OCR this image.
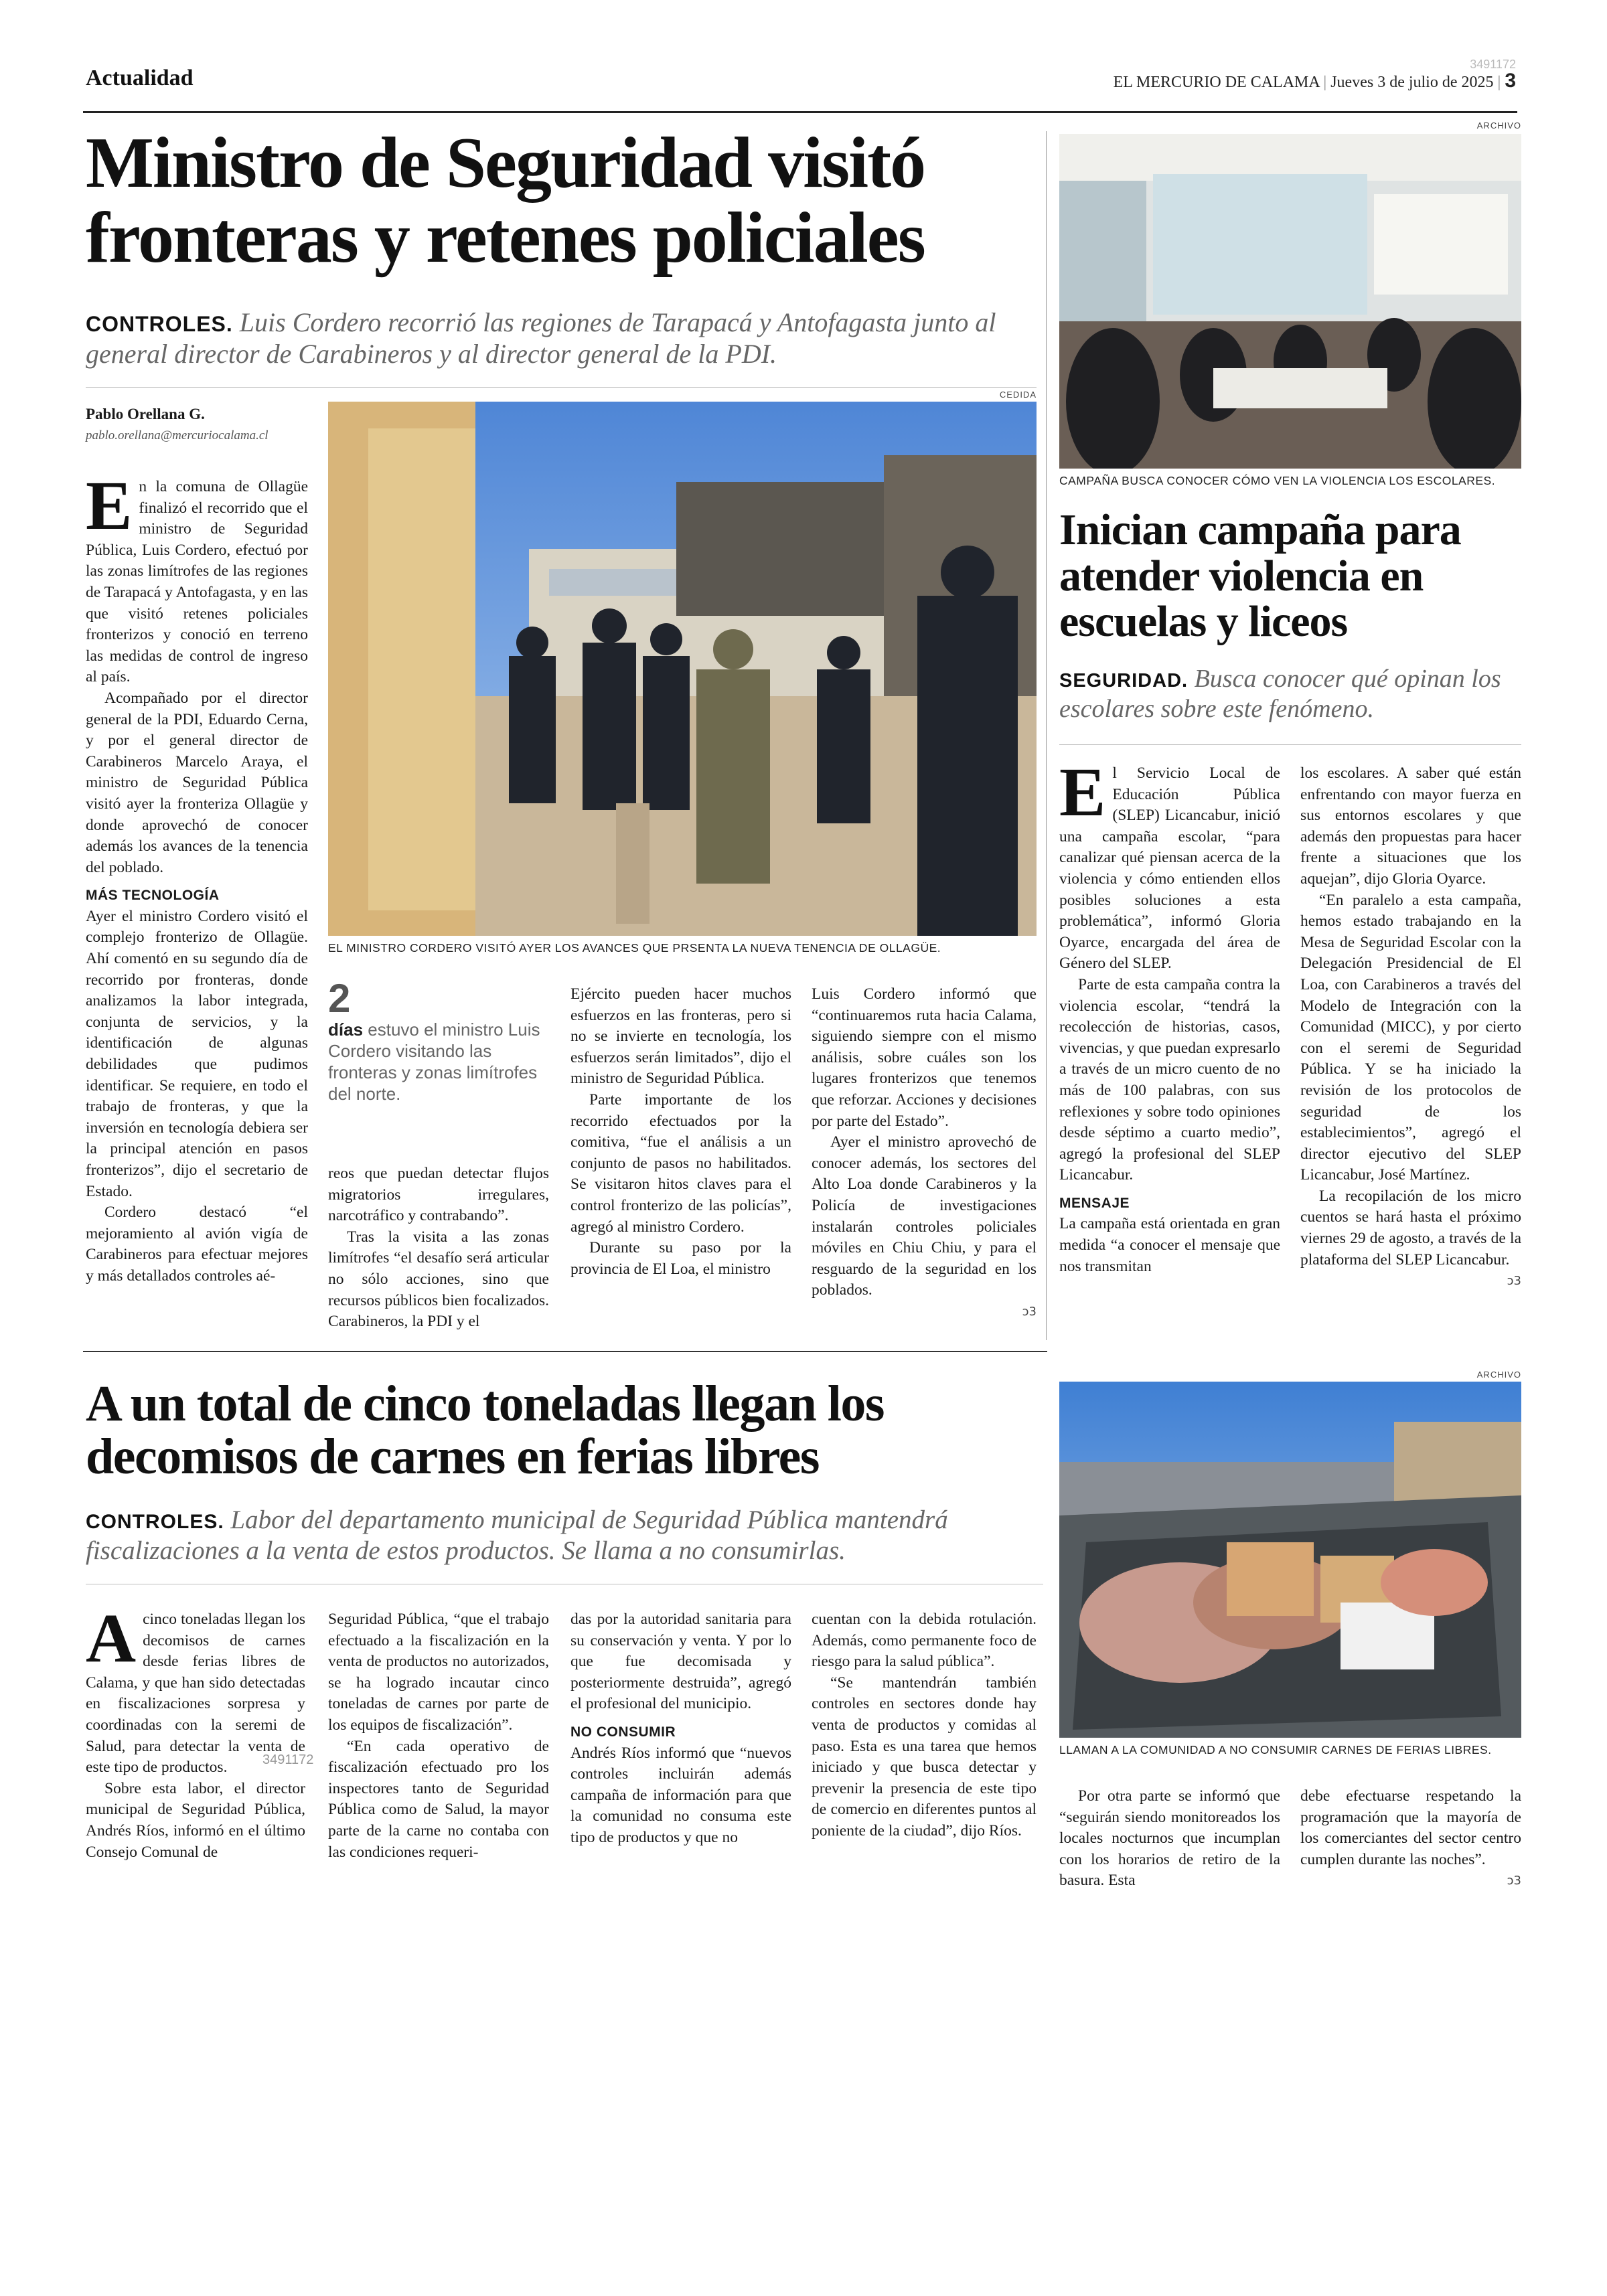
Actualidad	EL MERCURIO DE CALAMA | Jueves 3 de julio de 2025 | 3
3491172
Ministro de Seguridad visitó fronteras y retenes policiales
CONTROLES. Luis Cordero recorrió las regiones de Tarapacá y Antofagasta junto al general director de Carabineros y al director general de la PDI.
Pablo Orellana G.
pablo.orellana@mercuriocalama.cl
CEDIDA
EL MINISTRO CORDERO VISITÓ AYER LOS AVANCES QUE PRSENTA LA NUEVA TENENCIA DE OLLAGÜE.
E n la comuna de Ollagüe finalizó el recorrido que el ministro de Seguridad Pública, Luis Cordero, efectuó por las zonas limítrofes de las regiones de Tarapacá y Antofagasta, y en las que visitó retenes policiales fronterizos y conoció en terreno las medidas de control de ingreso al país.

Acompañado por el director general de la PDI, Eduardo Cerna, y por el general director de Carabineros Marcelo Araya, el ministro de Seguridad Pública visitó ayer la fronteriza Ollagüe y donde aprovechó de conocer además los avances de la tenencia del poblado.

MÁS TECNOLOGÍA

Ayer el ministro Cordero visitó el complejo fronterizo de Ollagüe. Ahí comentó en su segundo día de recorrido por fronteras, donde analizamos la labor integrada, conjunta de servicios, y la identificación de algunas debilidades que pudimos identificar. Se requiere, en todo el trabajo de fronteras, y que la inversión en tecnología debiera ser la principal atención en pasos fronterizos”, dijo el secretario de Estado.

Cordero destacó “el mejoramiento al avión vigía de Carabineros para efectuar mejores y más detallados controles aé-

2
días estuvo el ministro Luis Cordero visitando las fronteras y zonas limítrofes del norte.

reos que puedan detectar flujos migratorios irregulares, narcotráfico y contrabando”.

Tras la visita a las zonas limítrofes “el desafío será articular no sólo acciones, sino que recursos públicos bien focalizados. Carabineros, la PDI y el

Ejército pueden hacer muchos esfuerzos en las fronteras, pero si no se invierte en tecnología, los esfuerzos serán limitados”, dijo el ministro de Seguridad Pública.

Parte importante de los recorrido efectuados por la comitiva, “fue el análisis a un conjunto de pasos no habilitados. Se visitaron hitos claves para el control fronterizo de las policías”, agregó al ministro Cordero.

Durante su paso por la provincia de El Loa, el ministro

Luis Cordero informó que “continuaremos ruta hacia Calama, siguiendo siempre con el mismo análisis, sobre cuáles son los lugares fronterizos que tenemos que reforzar. Acciones y decisiones por parte del Estado”.

Ayer el ministro aprovechó de conocer además, los sectores del Alto Loa donde Carabineros y la Policía de investigaciones instalarán controles policiales móviles en Chiu Chiu, y para el resguardo de la seguridad en los poblados.

ↄ3
ARCHIVO
CAMPAÑA BUSCA CONOCER CÓMO VEN LA VIOLENCIA LOS ESCOLARES.
Inician campaña para atender violencia en escuelas y liceos
SEGURIDAD. Busca conocer qué opinan los escolares sobre este fenómeno.
E l Servicio Local de Educación Pública (SLEP) Licancabur, inició una campaña escolar, “para canalizar qué piensan acerca de la violencia y cómo entienden ellos posibles soluciones a esta problemática”, informó Gloria Oyarce, encargada del área de Género del SLEP.

Parte de esta campaña contra la violencia escolar, “tendrá la recolección de historias, casos, vivencias, y que puedan expresarlo a través de un micro cuento de no más de 100 palabras, con sus reflexiones y sobre todo opiniones desde séptimo a cuarto medio”, agregó la profesional del SLEP Licancabur.

MENSAJE

La campaña está orientada en gran medida “a conocer el mensaje que nos transmitan

los escolares. A saber qué están enfrentando con mayor fuerza en sus entornos escolares y que además den propuestas para hacer frente a situaciones que los aquejan”, dijo Gloria Oyarce.

“En paralelo a esta campaña, hemos estado trabajando en la Mesa de Seguridad Escolar con la Delegación Presidencial de El Loa, con Carabineros a través del Modelo de Integración con la Comunidad (MICC), y por cierto con el seremi de Seguridad Pública. Y se ha iniciado la revisión de los protocolos de seguridad de los establecimientos”, agregó el director ejecutivo del SLEP Licancabur, José Martínez.

La recopilación de los micro cuentos se hará hasta el próximo viernes 29 de agosto, a través de la plataforma del SLEP Licancabur.

ↄ3
A un total de cinco toneladas llegan los decomisos de carnes en ferias libres
CONTROLES. Labor del departamento municipal de Seguridad Pública mantendrá fiscalizaciones a la venta de estos productos. Se llama a no consumirlas.
ARCHIVO
LLAMAN A LA COMUNIDAD A NO CONSUMIR CARNES DE FERIAS LIBRES.
A cinco toneladas llegan los decomisos de carnes desde ferias libres de Calama, y que han sido detectadas en fiscalizaciones sorpresa y coordinadas con la seremi de Salud, para detectar la venta de este tipo de productos.

Sobre esta labor, el director municipal de Seguridad Pública, Andrés Ríos, informó en el último Consejo Comunal de

Seguridad Pública, “que el trabajo efectuado a la fiscalización en la venta de productos no autorizados, se ha logrado incautar cinco toneladas de carnes por parte de los equipos de fiscalización”.

“En cada operativo de fiscalización efectuado pro los inspectores tanto de Seguridad Pública como de Salud, la mayor parte de la carne no contaba con las condiciones requeri-

das por la autoridad sanitaria para su conservación y venta. Y por lo que fue decomisada y posteriormente destruida”, agregó el profesional del municipio.

NO CONSUMIR

Andrés Ríos informó que “nuevos controles incluirán además campaña de información para que la comunidad no consuma este tipo de productos y que no

cuentan con la debida rotulación. Además, como permanente foco de riesgo para la salud pública”.

“Se mantendrán también controles en sectores donde hay venta de productos y comidas al paso. Esta es una tarea que hemos iniciado y que busca detectar y prevenir la presencia de este tipo de comercio en diferentes puntos al poniente de la ciudad”, dijo Ríos.

Por otra parte se informó que “seguirán siendo monitoreados los locales nocturnos que incumplan con los horarios de retiro de la basura. Esta

debe efectuarse respetando la programación que la mayoría de los comerciantes del sector centro cumplen durante las noches”.

ↄ3
3491172
